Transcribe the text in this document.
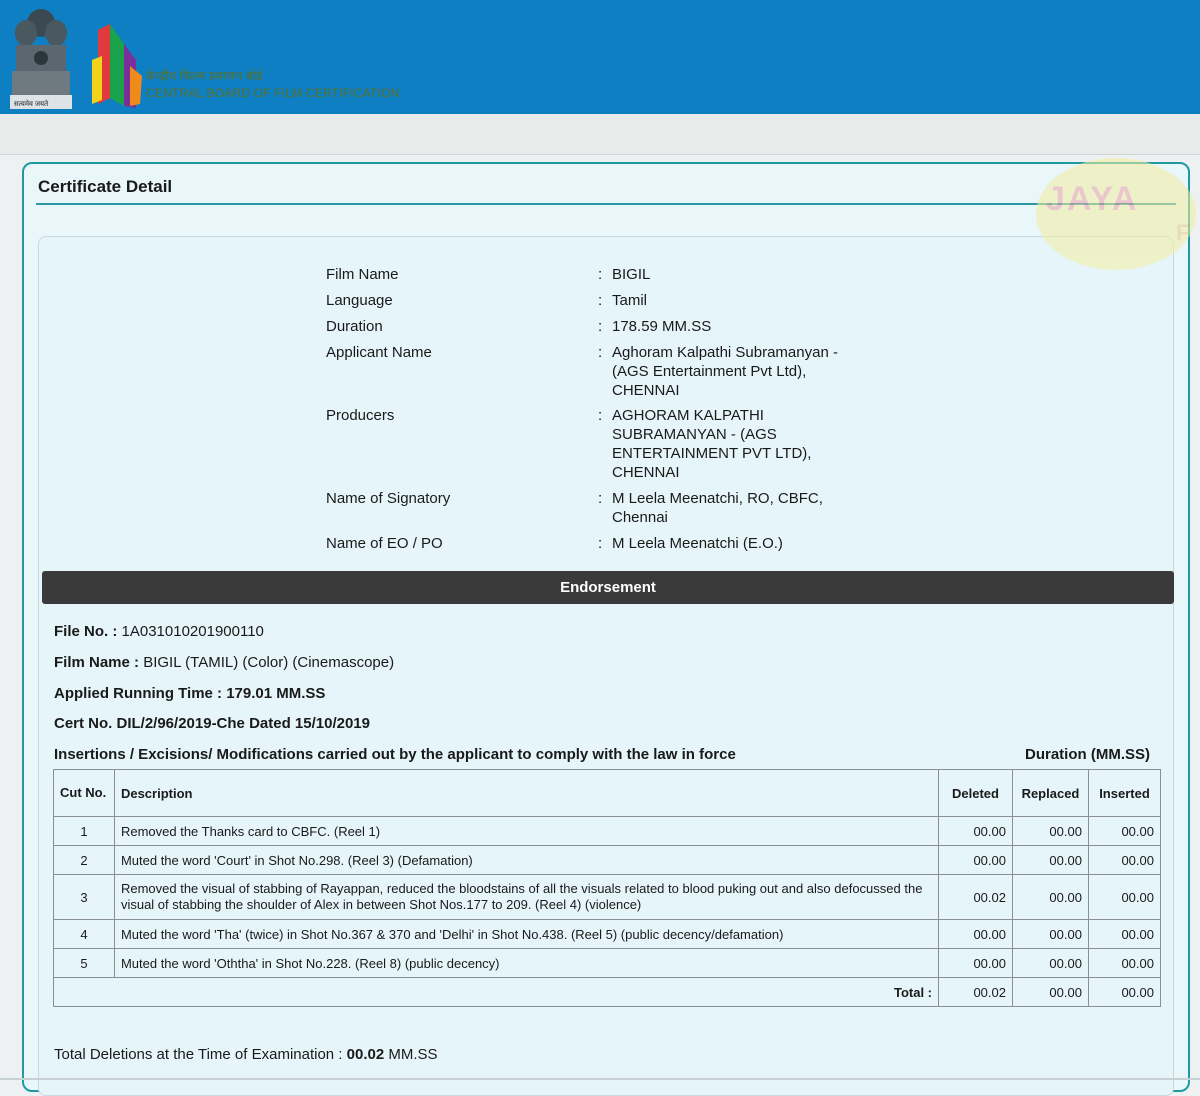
सत्यमेव जयते
केन्द्रीय फिल्म प्रमाणन बोर्ड
CENTRAL BOARD OF FILM CERTIFICATION
Certificate Detail	JAYA
F
Film Name	: BIGIL
Language	: Tamil
Duration	: 178.59 MM.SS
Applicant Name	: Aghoram Kalpathi Subramanyan - (AGS Entertainment Pvt Ltd), CHENNAI
Producers	: AGHORAM KALPATHI SUBRAMANYAN - (AGS ENTERTAINMENT PVT LTD), CHENNAI
Name of Signatory	: M Leela Meenatchi, RO, CBFC, Chennai
Name of EO / PO	: M Leela Meenatchi (E.O.)
Endorsement
File No. : 1A031010201900110
Film Name : BIGIL (TAMIL) (Color) (Cinemascope)
Applied Running Time : 179.01 MM.SS
Cert No. DIL/2/96/2019-Che Dated 15/10/2019
Insertions / Excisions/ Modifications carried out by the applicant to comply with the law in force	Duration (MM.SS)
Cut No.	Description	Deleted	Replaced	Inserted
1	Removed the Thanks card to CBFC. (Reel 1)	00.00	00.00	00.00
2	Muted the word 'Court' in Shot No.298. (Reel 3) (Defamation)	00.00	00.00	00.00
3	Removed the visual of stabbing of Rayappan, reduced the bloodstains of all the visuals related to blood puking out and also defocussed the visual of stabbing the shoulder of Alex in between Shot Nos.177 to 209. (Reel 4) (violence)	00.02	00.00	00.00
4	Muted the word 'Tha' (twice) in Shot No.367 & 370 and 'Delhi' in Shot No.438. (Reel 5) (public decency/defamation)	00.00	00.00	00.00
5	Muted the word 'Oththa' in Shot No.228. (Reel 8) (public decency)	00.00	00.00	00.00
Total :		00.02	00.00	00.00
Total Deletions at the Time of Examination : 00.02 MM.SS
